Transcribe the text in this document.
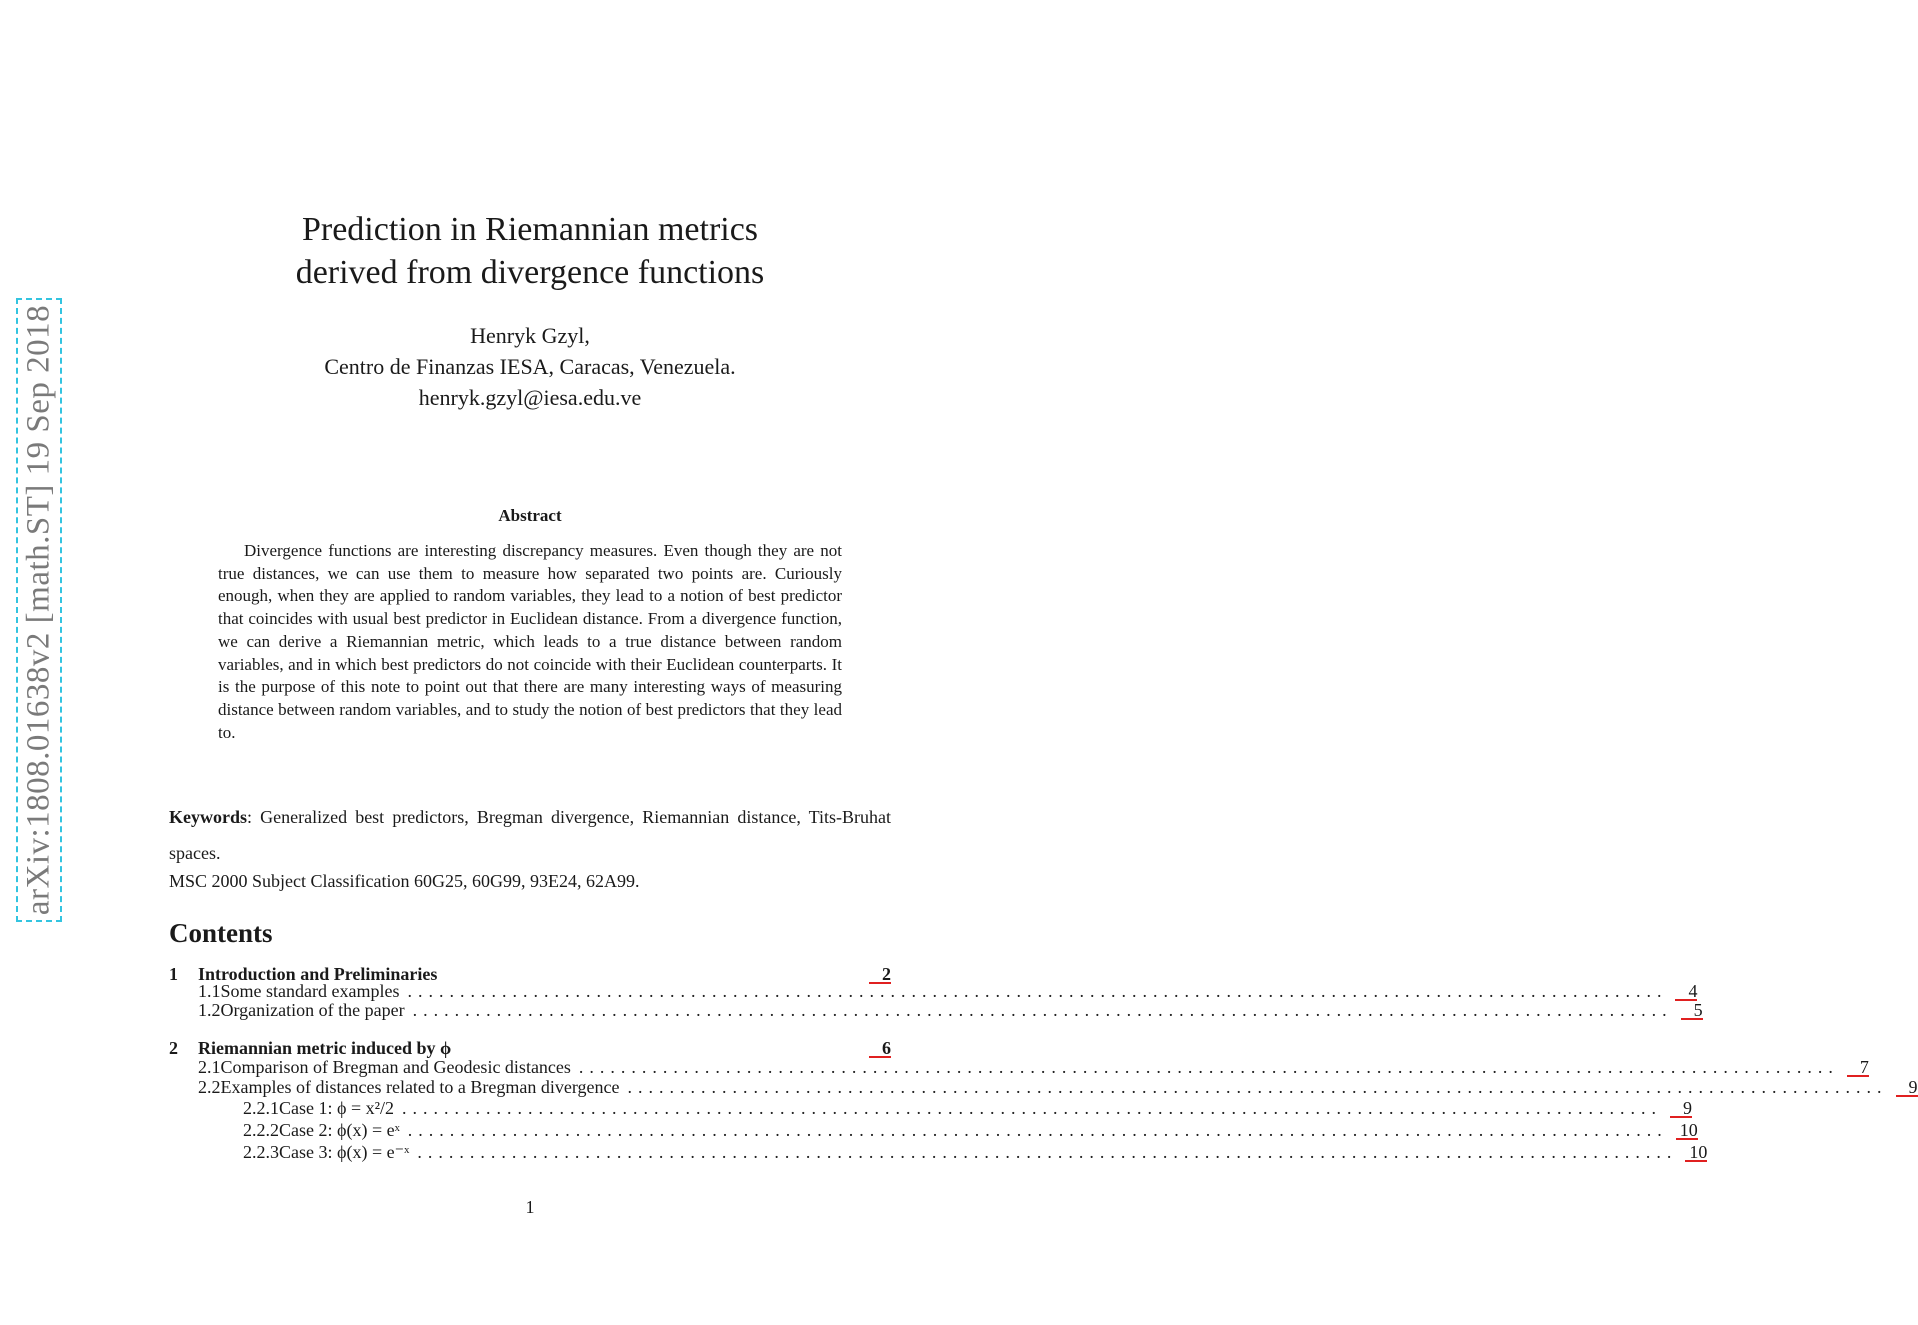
arXiv:1808.01638v2 [math.ST] 19 Sep 2018
Prediction in Riemannian metrics
derived from divergence functions
Henryk Gzyl,
Centro de Finanzas IESA, Caracas, Venezuela.
henryk.gzyl@iesa.edu.ve
Abstract

Divergence functions are interesting discrepancy measures. Even though they are not true distances, we can use them to measure how separated two points are. Curiously enough, when they are applied to random variables, they lead to a notion of best predictor that coincides with usual best predictor in Euclidean distance. From a divergence function, we can derive a Riemannian metric, which leads to a true distance between random variables, and in which best predictors do not coincide with their Euclidean counterparts. It is the purpose of this note to point out that there are many interesting ways of measuring distance between random variables, and to study the notion of best predictors that they lead to.

Keywords: Generalized best predictors, Bregman divergence, Riemannian distance, Tits-Bruhat spaces.

MSC 2000 Subject Classification 60G25, 60G99, 93E24, 62A99.
Contents
1	Introduction and Preliminaries	2
1.1 Some standard examples ........................................................................................................................	4
1.2 Organization of the paper ........................................................................................................................	5
2	Riemannian metric induced by ϕ	6
2.1 Comparison of Bregman and Geodesic distances ........................................................................................................................	7
2.2 Examples of distances related to a Bregman divergence ........................................................................................................................	9
2.2.1 Case 1: ϕ = x²/2 ........................................................................................................................	9
2.2.2 Case 2: ϕ(x) = eˣ ........................................................................................................................ 10
2.2.3 Case 3: ϕ(x) = e⁻ˣ ........................................................................................................................ 10
1
